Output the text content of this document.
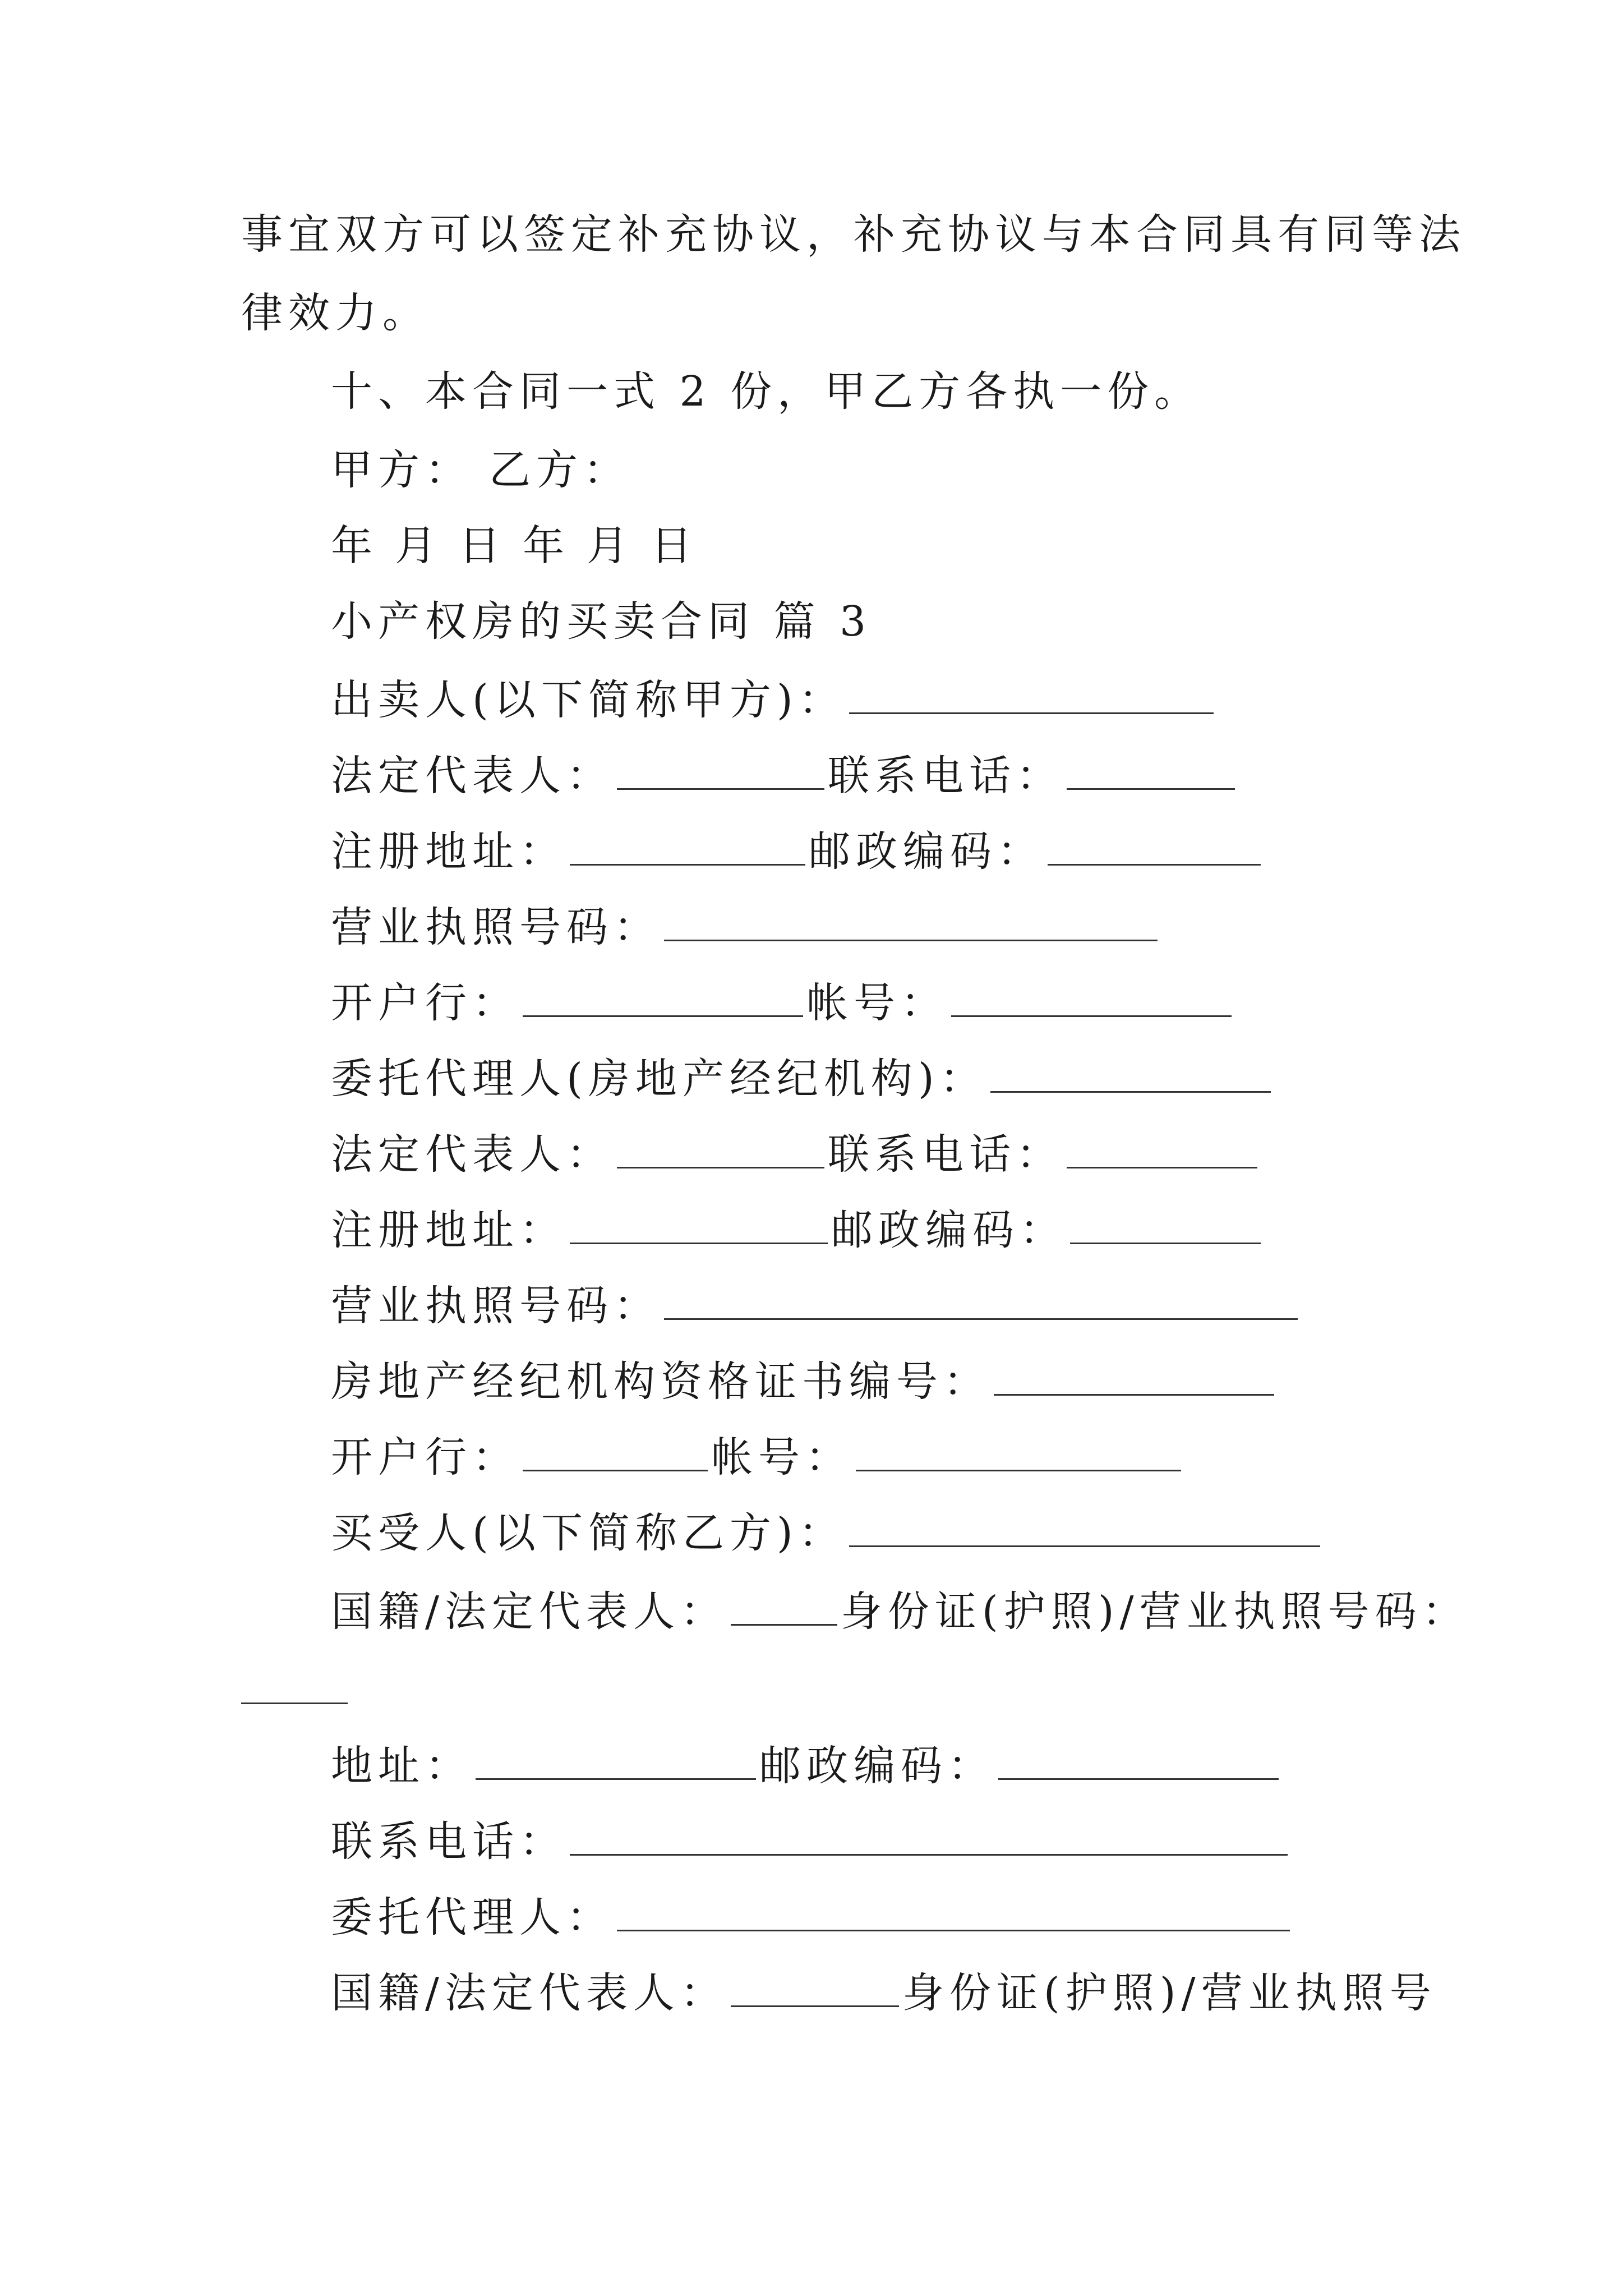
事宜双方可以签定补充协议，补充协议与本合同具有同等法
律效力。
十、本合同一式 2 份，甲乙方各执一份。
甲方： 乙方：
年 月 日 年 月 日
小产权房的买卖合同 篇 3
出卖人(以下简称甲方)：
法定代表人：	联系电话：
注册地址：	邮政编码：
营业执照号码：
开户行：	帐号：
委托代理人(房地产经纪机构)：
法定代表人：	联系电话：
注册地址：	邮政编码：
营业执照号码：
房地产经纪机构资格证书编号：
开户行：	帐号：
买受人(以下简称乙方)：
国籍/法定代表人：	身份证(护照)/营业执照号码：
地址：	邮政编码：
联系电话：
委托代理人：
国籍/法定代表人：	身份证(护照)/营业执照号
